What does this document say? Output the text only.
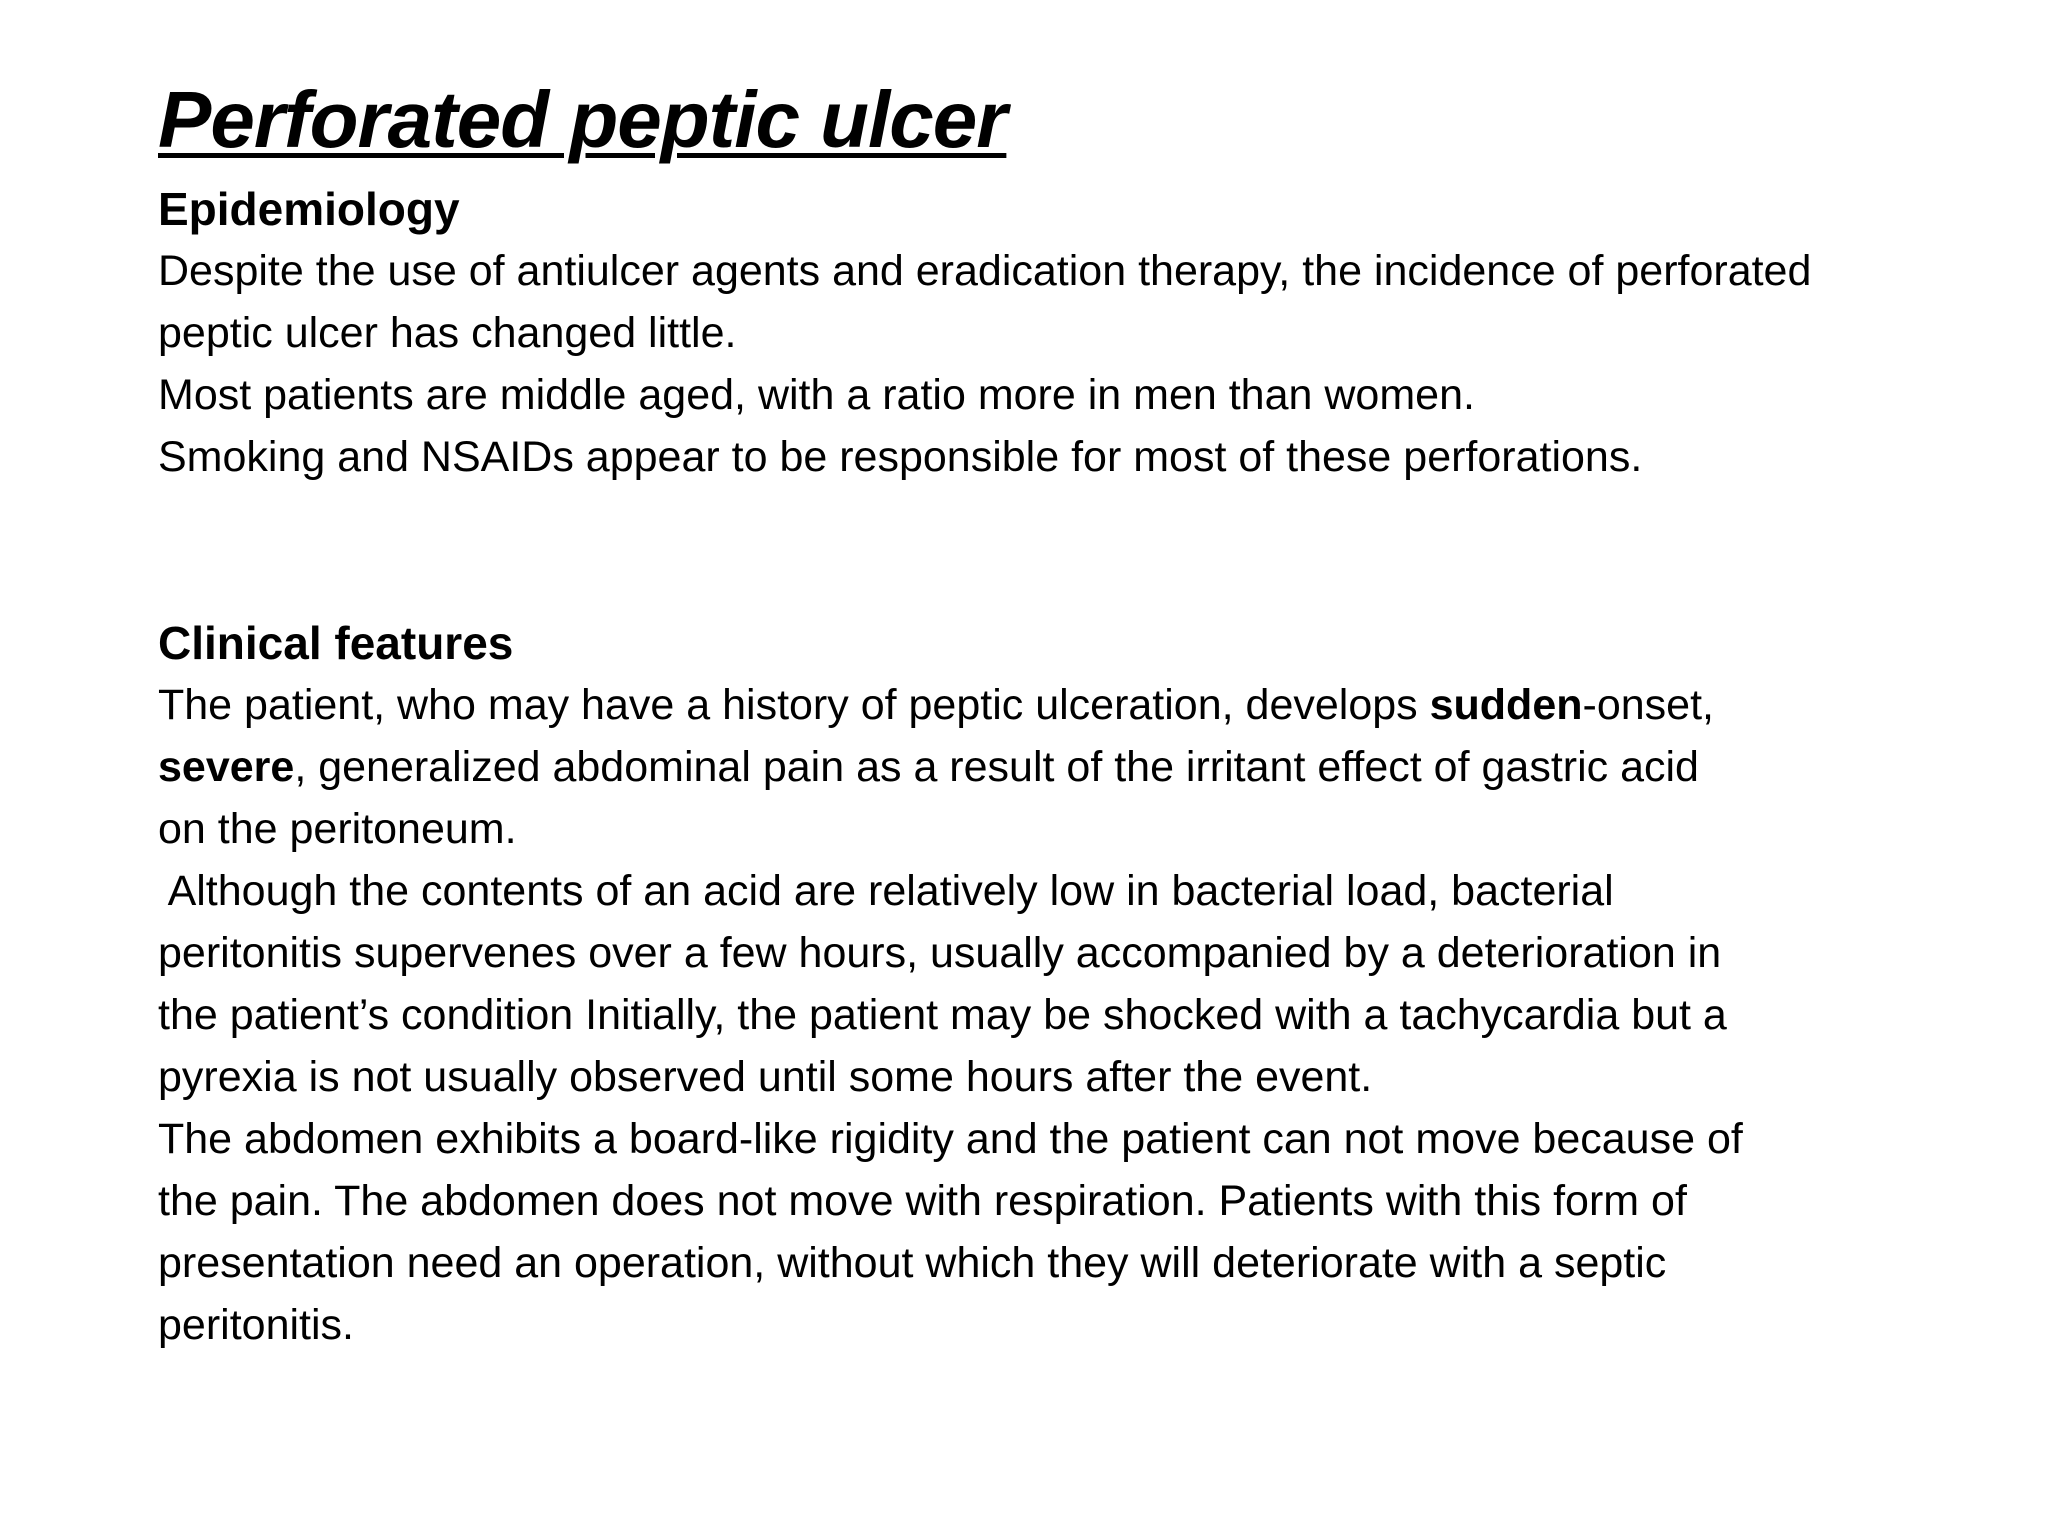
Perforated peptic ulcer
Epidemiology
Despite the use of antiulcer agents and eradication therapy, the incidence of perforated
peptic ulcer has changed little.
Most patients are middle aged, with a ratio more in men than women.
Smoking and NSAIDs appear to be responsible for most of these perforations.
Clinical features
The patient, who may have a history of peptic ulceration, develops sudden-onset,
severe, generalized abdominal pain as a result of the irritant effect of gastric acid
on the peritoneum.
Although the contents of an acid are relatively low in bacterial load, bacterial
peritonitis supervenes over a few hours, usually accompanied by a deterioration in
the patient’s condition Initially, the patient may be shocked with a tachycardia but a
pyrexia is not usually observed until some hours after the event.
The abdomen exhibits a board-like rigidity and the patient can not move because of
the pain. The abdomen does not move with respiration. Patients with this form of
presentation need an operation, without which they will deteriorate with a septic
peritonitis.
